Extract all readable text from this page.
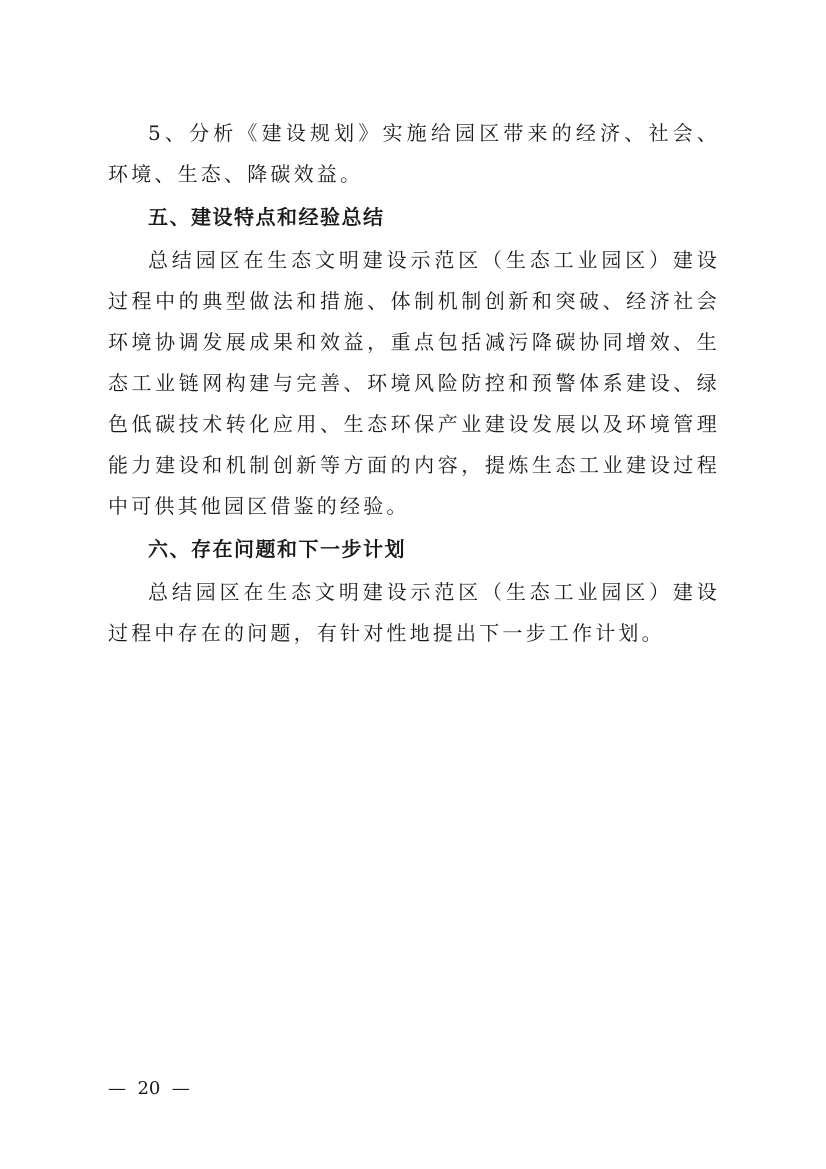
5、分析《建设规划》实施给园区带来的经济、社会、环境、生态、降碳效益。

五、建设特点和经验总结

总结园区在生态文明建设示范区（生态工业园区）建设过程中的典型做法和措施、体制机制创新和突破、经济社会环境协调发展成果和效益，重点包括减污降碳协同增效、生态工业链网构建与完善、环境风险防控和预警体系建设、绿色低碳技术转化应用、生态环保产业建设发展以及环境管理能力建设和机制创新等方面的内容，提炼生态工业建设过程中可供其他园区借鉴的经验。

六、存在问题和下一步计划

总结园区在生态文明建设示范区（生态工业园区）建设过程中存在的问题，有针对性地提出下一步工作计划。

—  20  —
